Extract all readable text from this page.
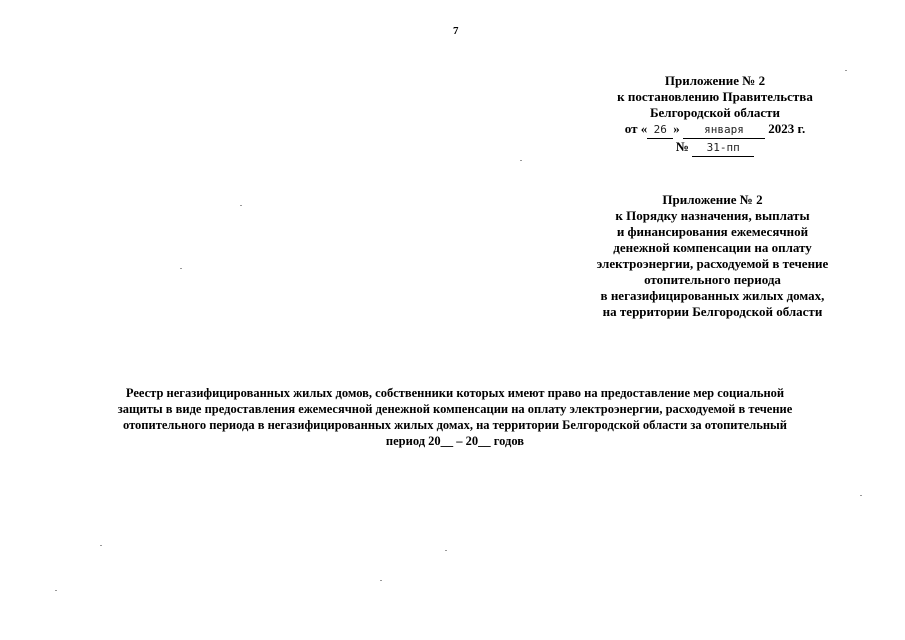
7
Приложение № 2
к постановлению Правительства
Белгородской области
от « 26 » января 2023 г.
№ 31-пп
Приложение № 2
к Порядку назначения, выплаты
и финансирования ежемесячной
денежной компенсации на оплату
электроэнергии, расходуемой в течение
отопительного периода
в негазифицированных жилых домах,
на территории Белгородской области
Реестр негазифицированных жилых домов, собственники которых имеют право на предоставление мер социальной
защиты в виде предоставления ежемесячной денежной компенсации на оплату электроэнергии, расходуемой в течение
отопительного периода в негазифицированных жилых домах, на территории Белгородской области за отопительный
период 20__ – 20__ годов
